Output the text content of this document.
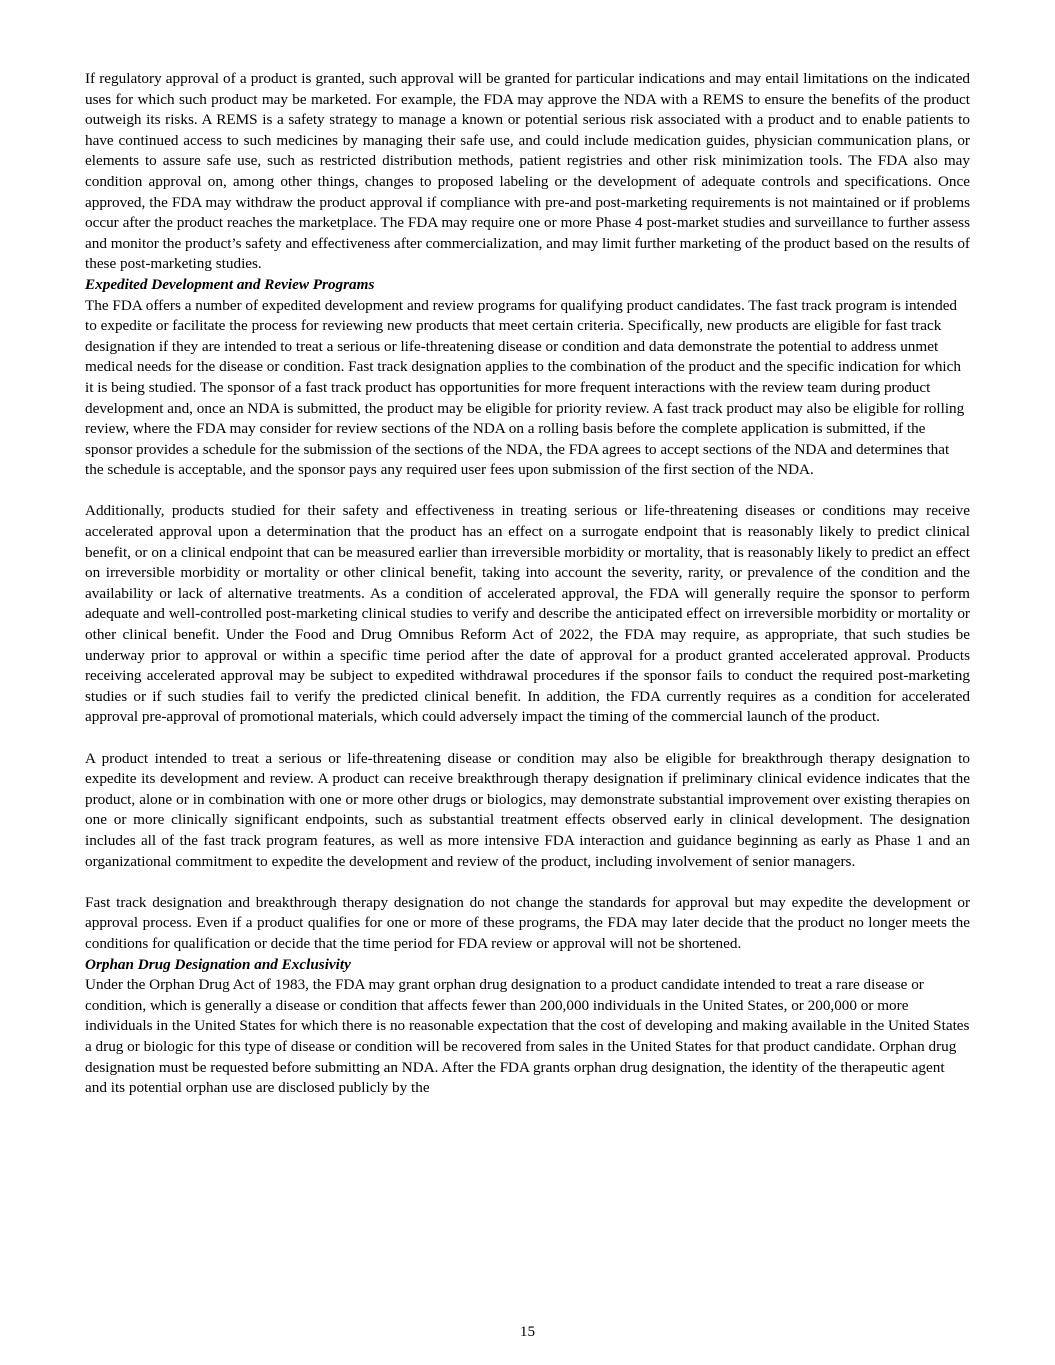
If regulatory approval of a product is granted, such approval will be granted for particular indications and may entail limitations on the indicated uses for which such product may be marketed. For example, the FDA may approve the NDA with a REMS to ensure the benefits of the product outweigh its risks. A REMS is a safety strategy to manage a known or potential serious risk associated with a product and to enable patients to have continued access to such medicines by managing their safe use, and could include medication guides, physician communication plans, or elements to assure safe use, such as restricted distribution methods, patient registries and other risk minimization tools. The FDA also may condition approval on, among other things, changes to proposed labeling or the development of adequate controls and specifications. Once approved, the FDA may withdraw the product approval if compliance with pre-and post-marketing requirements is not maintained or if problems occur after the product reaches the marketplace. The FDA may require one or more Phase 4 post-market studies and surveillance to further assess and monitor the product’s safety and effectiveness after commercialization, and may limit further marketing of the product based on the results of these post-marketing studies.

Expedited Development and Review Programs

The FDA offers a number of expedited development and review programs for qualifying product candidates. The fast track program is intended to expedite or facilitate the process for reviewing new products that meet certain criteria. Specifically, new products are eligible for fast track designation if they are intended to treat a serious or life-threatening disease or condition and data demonstrate the potential to address unmet medical needs for the disease or condition. Fast track designation applies to the combination of the product and the specific indication for which it is being studied. The sponsor of a fast track product has opportunities for more frequent interactions with the review team during product development and, once an NDA is submitted, the product may be eligible for priority review. A fast track product may also be eligible for rolling review, where the FDA may consider for review sections of the NDA on a rolling basis before the complete application is submitted, if the sponsor provides a schedule for the submission of the sections of the NDA, the FDA agrees to accept sections of the NDA and determines that the schedule is acceptable, and the sponsor pays any required user fees upon submission of the first section of the NDA.

Additionally, products studied for their safety and effectiveness in treating serious or life-threatening diseases or conditions may receive accelerated approval upon a determination that the product has an effect on a surrogate endpoint that is reasonably likely to predict clinical benefit, or on a clinical endpoint that can be measured earlier than irreversible morbidity or mortality, that is reasonably likely to predict an effect on irreversible morbidity or mortality or other clinical benefit, taking into account the severity, rarity, or prevalence of the condition and the availability or lack of alternative treatments. As a condition of accelerated approval, the FDA will generally require the sponsor to perform adequate and well-controlled post-marketing clinical studies to verify and describe the anticipated effect on irreversible morbidity or mortality or other clinical benefit. Under the Food and Drug Omnibus Reform Act of 2022, the FDA may require, as appropriate, that such studies be underway prior to approval or within a specific time period after the date of approval for a product granted accelerated approval. Products receiving accelerated approval may be subject to expedited withdrawal procedures if the sponsor fails to conduct the required post-marketing studies or if such studies fail to verify the predicted clinical benefit. In addition, the FDA currently requires as a condition for accelerated approval pre-approval of promotional materials, which could adversely impact the timing of the commercial launch of the product.

A product intended to treat a serious or life-threatening disease or condition may also be eligible for breakthrough therapy designation to expedite its development and review. A product can receive breakthrough therapy designation if preliminary clinical evidence indicates that the product, alone or in combination with one or more other drugs or biologics, may demonstrate substantial improvement over existing therapies on one or more clinically significant endpoints, such as substantial treatment effects observed early in clinical development. The designation includes all of the fast track program features, as well as more intensive FDA interaction and guidance beginning as early as Phase 1 and an organizational commitment to expedite the development and review of the product, including involvement of senior managers.

Fast track designation and breakthrough therapy designation do not change the standards for approval but may expedite the development or approval process. Even if a product qualifies for one or more of these programs, the FDA may later decide that the product no longer meets the conditions for qualification or decide that the time period for FDA review or approval will not be shortened.

Orphan Drug Designation and Exclusivity

Under the Orphan Drug Act of 1983, the FDA may grant orphan drug designation to a product candidate intended to treat a rare disease or condition, which is generally a disease or condition that affects fewer than 200,000 individuals in the United States, or 200,000 or more individuals in the United States for which there is no reasonable expectation that the cost of developing and making available in the United States a drug or biologic for this type of disease or condition will be recovered from sales in the United States for that product candidate. Orphan drug designation must be requested before submitting an NDA. After the FDA grants orphan drug designation, the identity of the therapeutic agent and its potential orphan use are disclosed publicly by the

15
